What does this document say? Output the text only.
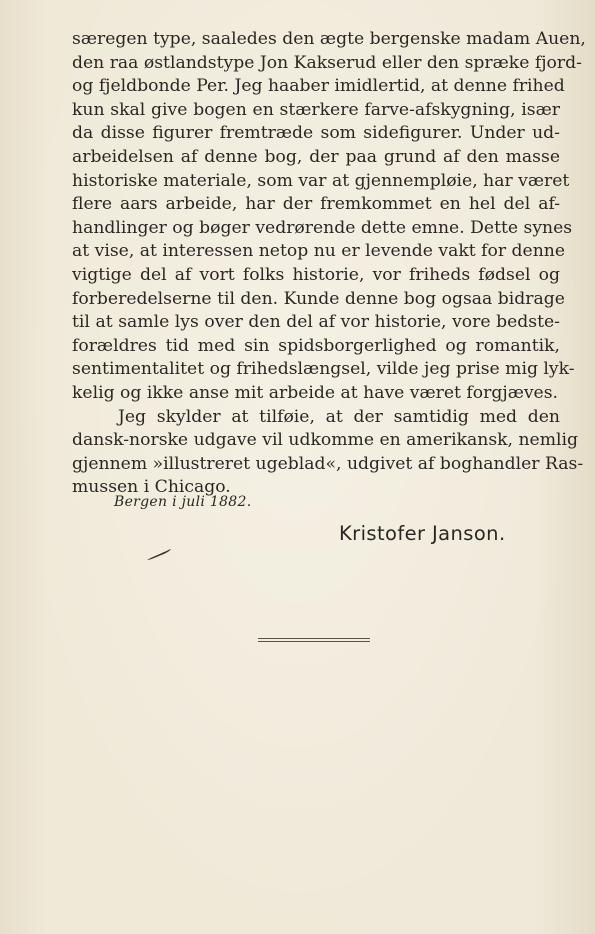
særegen type, saaledes den ægte bergenske madam Auen,
den raa østlandstype Jon Kakserud eller den spræke fjord-
og fjeldbonde Per. Jeg haaber imidlertid, at denne frihed
kun skal give bogen en stærkere farve-afskygning, især
da disse figurer fremtræde som sidefigurer. Under ud-
arbeidelsen af denne bog, der paa grund af den masse
historiske materiale, som var at gjennempløie, har været
flere aars arbeide, har der fremkommet en hel del af-
handlinger og bøger vedrørende dette emne. Dette synes
at vise, at interessen netop nu er levende vakt for denne
vigtige del af vort folks historie, vor friheds fødsel og
forberedelserne til den. Kunde denne bog ogsaa bidrage
til at samle lys over den del af vor historie, vore bedste-
forældres tid med sin spidsborgerlighed og romantik,
sentimentalitet og frihedslængsel, vilde jeg prise mig lyk-
kelig og ikke anse mit arbeide at have været forgjæves.
Jeg skylder at tilføie, at der samtidig med den
dansk-norske udgave vil udkomme en amerikansk, nemlig
gjennem »illustreret ugeblad«, udgivet af boghandler Ras-
mussen i Chicago.
Bergen i juli 1882.
Kristofer Janson.
